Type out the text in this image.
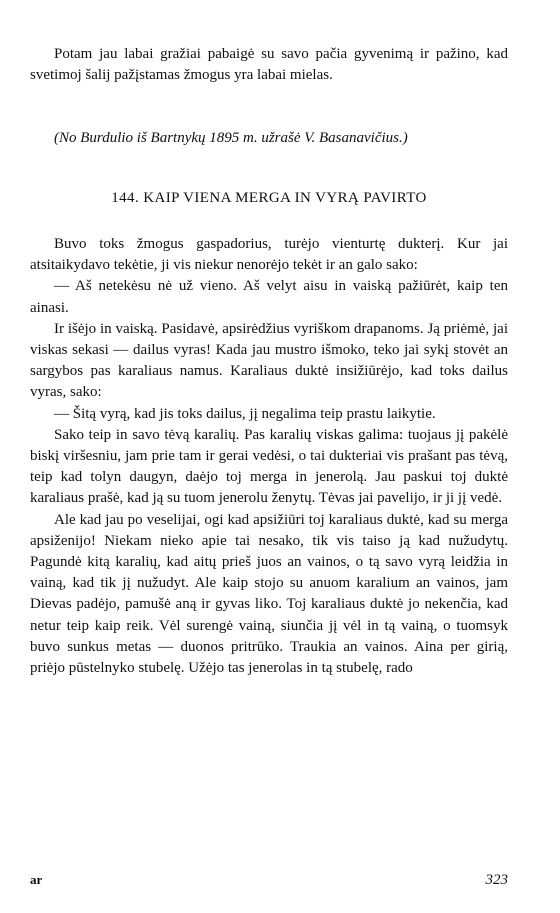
Potam jau labai gražiai pabaigė su savo pačia gyvenimą ir pažino, kad svetimoj šalij pažįstamas žmogus yra labai mielas.

(No Burdulio iš Bartnykų 1895 m. užrašė V. Basanavičius.)

144. KAIP VIENA MERGA IN VYRĄ PAVIRTO

Buvo toks žmogus gaspadorius, turėjo vienturtę dukterį. Kur jai atsitaikydavo tekėtie, ji vis niekur nenorėjo tekėt ir an galo sako:

— Aš netekėsu nė už vieno. Aš velyt aisu in vaiską pažiūrėt, kaip ten ainasi.

Ir išėjo in vaiską. Pasidavė, apsirėdžius vyriškom drapanoms. Ją priėmė, jai viskas sekasi — dailus vyras! Kada jau mustro išmoko, teko jai sykį stovėt an sargybos pas karaliaus namus. Karaliaus duktė insižiūrėjo, kad toks dailus vyras, sako:

— Šitą vyrą, kad jis toks dailus, jį negalima teip prastu laikytie.

Sako teip in savo tėvą karalių. Pas karalių viskas galima: tuojaus jį pakėlė biskį viršesniu, jam prie tam ir gerai vedėsi, o tai dukteriai vis prašant pas tėvą, teip kad tolyn daugyn, daėjo toj merga in jenerolą. Jau paskui toj duktė karaliaus prašė, kad ją su tuom jenerolu ženytų. Tėvas jai pavelijo, ir ji jį vedė.

Ale kad jau po veselijai, ogi kad apsižiūri toj karaliaus duktė, kad su merga apsiženijo! Niekam nieko apie tai nesako, tik vis taiso ją kad nužudytų. Pagundė kitą karalių, kad aitų prieš juos an vainos, o tą savo vyrą leidžia in vainą, kad tik jį nužudyt. Ale kaip stojo su anuom karalium an vainos, jam Dievas padėjo, pamušė aną ir gyvas liko. Toj karaliaus duktė jo nekenčia, kad netur teip kaip reik. Vėl surengė vainą, siunčia jį vėl in tą vainą, o tuomsyk buvo sunkus metas — duonos pritrūko. Traukia an vainos. Aina per girią, priėjo pūstelnyko stubelę. Užėjo tas jenerolas in tą stubelę, rado

ar	323
